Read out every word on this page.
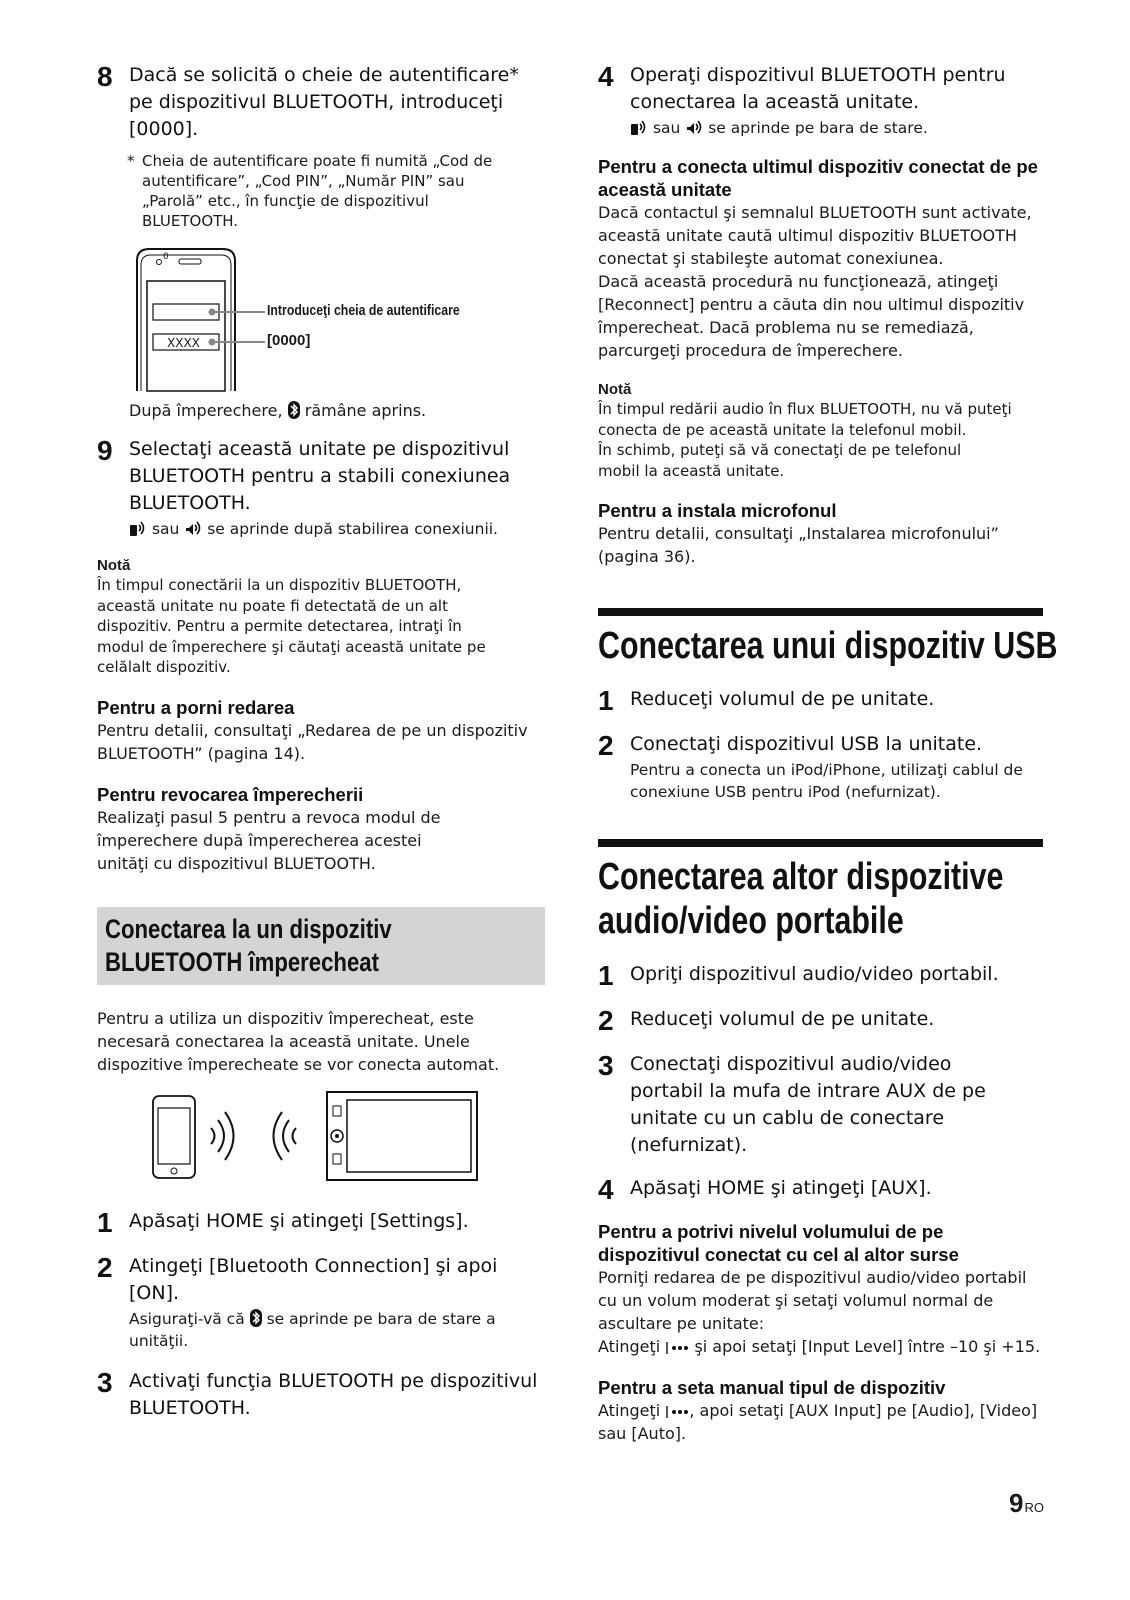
8 Dacă se solicită o cheie de autentificare* pe dispozitivul BLUETOOTH, introduceţi [0000].
* Cheia de autentificare poate fi numită „Cod de autentificare”, „Cod PIN”, „Număr PIN” sau „Parolă” etc., în funcţie de dispozitivul BLUETOOTH.
0
XXXX
Introduceţi cheia de autentificare
[0000]
După împerechere, rămâne aprins.
9 Selectaţi această unitate pe dispozitivul BLUETOOTH pentru a stabili conexiunea BLUETOOTH.
sau se aprinde după stabilirea conexiunii.
Notă
În timpul conectării la un dispozitiv BLUETOOTH, această unitate nu poate fi detectată de un alt dispozitiv. Pentru a permite detectarea, intraţi în modul de împerechere şi căutaţi această unitate pe celălalt dispozitiv.
Pentru a porni redarea
Pentru detalii, consultaţi „Redarea de pe un dispozitiv BLUETOOTH” (pagina 14).
Pentru revocarea împerecherii
Realizaţi pasul 5 pentru a revoca modul de împerechere după împerecherea acestei unităţi cu dispozitivul BLUETOOTH.
Conectarea la un dispozitiv
BLUETOOTH împerecheat
Pentru a utiliza un dispozitiv împerecheat, este necesară conectarea la această unitate. Unele dispozitive împerecheate se vor conecta automat.
1 Apăsaţi HOME şi atingeţi [Settings].
2 Atingeţi [Bluetooth Connection] şi apoi [ON].
Asiguraţi-vă că se aprinde pe bara de stare a unităţii.
3 Activaţi funcţia BLUETOOTH pe dispozitivul BLUETOOTH.
4 Operaţi dispozitivul BLUETOOTH pentru conectarea la această unitate.
sau se aprinde pe bara de stare.
Pentru a conecta ultimul dispozitiv conectat de pe această unitate
Dacă contactul şi semnalul BLUETOOTH sunt activate, această unitate caută ultimul dispozitiv BLUETOOTH conectat şi stabileşte automat conexiunea.
Dacă această procedură nu funcţionează, atingeţi [Reconnect] pentru a căuta din nou ultimul dispozitiv împerecheat. Dacă problema nu se remediază, parcurgeţi procedura de împerechere.
Notă
În timpul redării audio în flux BLUETOOTH, nu vă puteţi conecta de pe această unitate la telefonul mobil.
În schimb, puteţi să vă conectaţi de pe telefonul mobil la această unitate.
Pentru a instala microfonul
Pentru detalii, consultaţi „Instalarea microfonului” (pagina 36).
Conectarea unui dispozitiv USB
1 Reduceţi volumul de pe unitate.
2 Conectaţi dispozitivul USB la unitate.
Pentru a conecta un iPod/iPhone, utilizaţi cablul de conexiune USB pentru iPod (nefurnizat).
Conectarea altor dispozitive
audio/video portabile
1 Opriţi dispozitivul audio/video portabil.
2 Reduceţi volumul de pe unitate.
3 Conectaţi dispozitivul audio/video portabil la mufa de intrare AUX de pe unitate cu un cablu de conectare (nefurnizat).
4 Apăsaţi HOME şi atingeţi [AUX].
Pentru a potrivi nivelul volumului de pe dispozitivul conectat cu cel al altor surse
Porniţi redarea de pe dispozitivul audio/video portabil cu un volum moderat şi setaţi volumul normal de ascultare pe unitate:
Atingeţi şi apoi setaţi [Input Level] între –10 şi +15.
Pentru a seta manual tipul de dispozitiv
Atingeţi , apoi setaţi [AUX Input] pe [Audio], [Video] sau [Auto].
9RO
